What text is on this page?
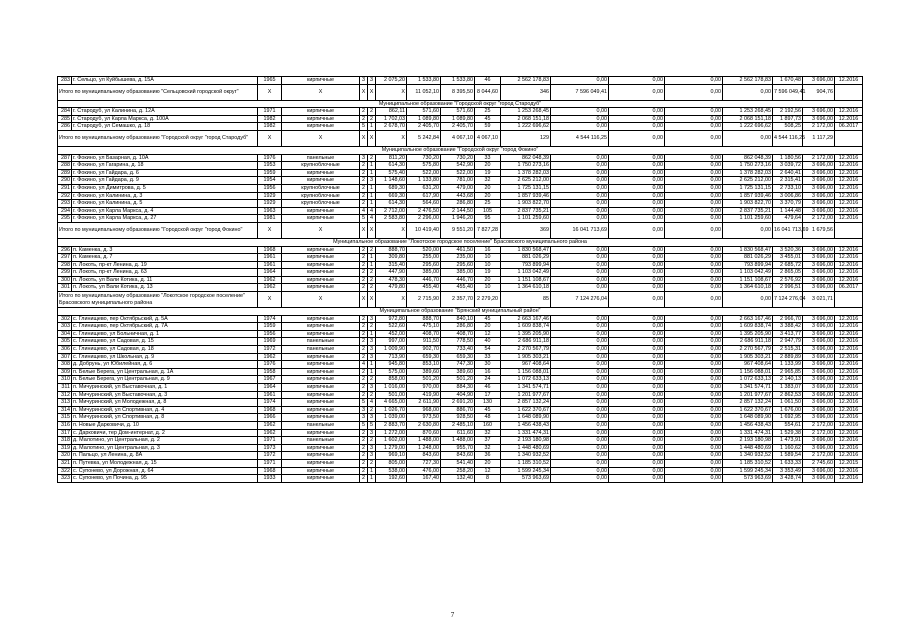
283	г. Сельцо, ул Куйбышева, д. 15А	1965	кирпичные	3	3	2 075,20	1 533,80	1 533,80	46	2 562 178,83	0,00	0,00	0,00	2 562 178,83	1 670,48	3 696,00	12.2016	
Итого по муниципальному образованию "Сельцовский городской округ"		X	X	X	X	X	11 052,10	8 395,50	8 044,60	346	7 596 049,41	0,00	0,00	0,00	7 596 049,41	904,76		
Муниципальное образование "Городской округ "город Стародуб"																		
284	г. Стародуб, ул Калинина, д. 12А	1971	кирпичные	2	2	862,11	571,60	571,60	25	1 253 268,45	0,00	0,00	0,00	1 253 268,45	2 192,56	3 696,00	12.2016	
285	г. Стародуб, ул Карла Маркса, д. 100А	1982	кирпичные	2	2	1 702,03	1 089,80	1 089,80	45	2 068 151,18	0,00	0,00	0,00	2 068 151,18	1 897,73	3 696,00	12.2016	
286	г. Стародуб, ул Семашко, д. 18	1982	кирпичные	5	1	2 678,70	2 405,70	2 405,70	59	1 222 696,62	0,00	0,00	0,00	1 222 696,62	508,25	2 172,00	06.2017	
Итого по муниципальному образованию "Городской округ "город Стародуб"		X	X	X	X	X	5 242,84	4 067,10	4 067,10	129	4 544 116,25	0,00	0,00	0,00	4 544 116,25	1 117,29		
Муниципальное образование "Городской округ "город Фокино"																		
287	г. Фокино, ул Базарная, д. 10А	1976	панельные	3	2	811,20	730,20	730,20	33	862 048,39	0,00	0,00	0,00	862 048,39	1 180,56	2 172,00	12.2016	
288	г. Фокино, ул Гагарина, д. 18	1953	крупноблочные	2	1	614,30	575,80	542,90	20	1 750 273,16	0,00	0,00	0,00	1 750 273,16	3 039,72	3 696,00	12.2016	
289	г. Фокино, ул Гайдара, д. 6	1959	кирпичные	2	1	575,40	522,00	522,00	19	1 378 282,03	0,00	0,00	0,00	1 378 282,03	2 640,41	3 696,00	12.2016	
290	г. Фокино, ул Гайдара, д. 9	1954	кирпичные	2	3	1 148,60	1 133,80	781,00	32	2 625 212,00	0,00	0,00	0,00	2 625 212,00	2 315,41	3 696,00	12.2016	
291	г. Фокино, ул Димитрова, д. 5	1956	крупноблочные	2	1	689,30	631,20	479,00	20	1 725 131,15	0,00	0,00	0,00	1 725 131,15	2 733,10	3 696,00	12.2016	
292	г. Фокино, ул Калинина, д. 3	1929	крупноблочные	2	1	669,30	617,90	443,68	20	1 857 939,46	0,00	0,00	0,00	1 857 939,46	3 006,86	3 696,00	12.2016	
293	г. Фокино, ул Калинина, д. 5	1929	крупноблочные	2	1	614,30	564,60	286,80	25	1 903 822,70	0,00	0,00	0,00	1 903 822,70	3 370,79	3 696,00	12.2016	
294	г. Фокино, ул Карла Маркса, д. 4	1963	кирпичные	4	4	2 712,00	2 476,50	2 144,50	105	2 837 735,21	0,00	0,00	0,00	2 837 735,21	1 144,48	3 696,00	12.2016	
295	г. Фокино, ул Карла Маркса, д. 27	1981	кирпичные	5	4	2 583,80	2 296,00	1 946,20	95	1 101 259,60	0,00	0,00	0,00	1 101 259,60	479,64	2 172,00	12.2016	
Итого по муниципальному образованию "Городской округ "город Фокино"		X	X	X	X	X	10 419,40	9 551,20	7 827,28	369	16 041 713,69	0,00	0,00	0,00	16 041 713,69	1 679,56		
Муниципальное образование "Локотское городское поселение" Брасовского муниципального района																		
296	п. Каменка, д. 3	1968	кирпичные	2	2	888,70	520,00	461,50	16	1 830 568,47	0,00	0,00	0,00	1 830 568,47	3 520,36	3 696,00	12.2016	
297	п. Каменка, д. 7	1961	кирпичные	2	1	309,80	255,00	235,00	10	881 026,29	0,00	0,00	0,00	881 026,29	3 455,01	3 696,00	12.2016	
298	п. Локоть, пр-кт Ленина, д. 19	1961	кирпичные	2	1	315,40	295,60	295,60	10	793 899,94	0,00	0,00	0,00	793 899,94	2 685,72	3 696,00	12.2016	
299	п. Локоть, пр-кт Ленина, д. 63	1964	кирпичные	2	2	447,90	385,00	385,00	19	1 103 042,49	0,00	0,00	0,00	1 103 042,49	2 865,05	3 696,00	12.2016	
300	п. Локоть, ул Вали Котика, д. 11	1962	кирпичные	2	2	478,30	446,70	446,70	20	1 151 108,67	0,00	0,00	0,00	1 151 108,67	2 576,92	3 696,00	12.2016	
301	п. Локоть, ул Вали Котика, д. 13	1962	кирпичные	2	2	479,80	455,40	455,40	10	1 364 610,18	0,00	0,00	0,00	1 364 610,18	2 996,51	3 696,00	06.2017	
Итого по муниципальному образованию "Локотское городское поселение" Брасовского муниципального района		X	X	X	X	X	2 715,90	2 357,70	2 279,20	85	7 124 276,04	0,00	0,00	0,00	7 124 276,04	3 021,71		
Муниципальное образование "Брянский муниципальный район"																		
302	с. Глинищево, пер Октябрьский, д. 5А	1974	кирпичные	2	3	972,80	888,70	840,10	45	2 663 167,46	0,00	0,00	0,00	2 663 167,46	2 966,70	3 696,00	12.2016	
303	с. Глинищево, пер Октябрьский, д. 7А	1959	кирпичные	2	2	522,60	475,10	286,80	20	1 609 838,74	0,00	0,00	0,00	1 609 838,74	3 388,42	3 696,00	12.2016	
304	с. Глинищево, ул Больничная, д. 1	1956	кирпичные	2	1	452,00	408,70	408,70	12	1 395 205,90	0,00	0,00	0,00	1 395 205,90	3 413,77	3 696,00	12.2016	
305	с. Глинищево, ул Садовая, д. 15	1969	панельные	2	3	997,00	911,50	778,50	40	2 686 911,18	0,00	0,00	0,00	2 686 911,18	2 947,79	3 696,00	12.2016	
306	с. Глинищево, ул Садовая, д. 18	1972	панельные	2	3	1 009,90	902,70	733,40	54	2 270 567,79	0,00	0,00	0,00	2 270 567,79	2 515,31	3 696,00	12.2016	
307	с. Глинищево, ул Школьная, д. 9	1962	кирпичные	2	3	713,90	659,30	659,30	33	1 905 303,21	0,00	0,00	0,00	1 905 303,21	2 889,89	3 696,00	12.2016	
308	д. Добрунь, ул Юбилейная, д. 6	1976	кирпичные	4	1	945,80	853,10	747,30	30	967 408,64	0,00	0,00	0,00	967 408,64	1 133,99	3 696,00	12.2016	
309	п. Белые Берега, ул Центральная, д. 1А	1958	кирпичные	2	1	575,00	389,60	389,60	16	1 156 088,01	0,00	0,00	0,00	1 156 088,01	2 965,85	3 696,00	12.2016	
310	п. Белые Берега, ул Центральная, д. 9	1967	кирпичные	2	2	858,00	501,20	501,20	24	1 072 633,13	0,00	0,00	0,00	1 072 633,13	2 140,13	3 696,00	12.2016	
311	п. Мичуринский, ул Выставочная, д. 1	1964	кирпичные	2	3	1 016,00	970,00	884,30	46	1 341 574,71	0,00	0,00	0,00	1 341 574,71	1 383,07	3 696,00	12.2016	
312	п. Мичуринский, ул Выставочная, д. 3	1961	кирпичные	2	2	501,00	419,90	404,90	17	1 201 977,67	0,00	0,00	0,00	1 201 977,67	2 862,53	3 696,00	12.2016	
313	п. Мичуринский, ул Молодежная, д. 8	1974	кирпичные	5	4	4 665,00	2 611,90	2 691,20	130	2 857 132,24	0,00	0,00	0,00	2 857 132,24	1 061,50	3 696,00	12.2016	
314	п. Мичуринский, ул Спортивная, д. 4	1968	кирпичные	3	2	1 026,70	968,00	886,70	45	1 622 370,67	0,00	0,00	0,00	1 622 370,67	1 676,00	3 696,00	12.2016	
315	п. Мичуринский, ул Спортивная, д. 8	1966	кирпичные	3	3	1 039,00	973,50	928,50	48	1 648 089,90	0,00	0,00	0,00	1 648 089,90	1 692,95	3 696,00	12.2016	
316	п. Новые Дарковичи, д. 10	1962	панельные	5	5	2 883,70	2 630,80	2 485,10	160	1 456 438,43	0,00	0,00	0,00	1 456 438,43	554,61	2 172,00	12.2016	
317	с. Дарковичи, тер Дом-интернат, д. 2	1962	кирпичные	2	3	1 272,00	870,60	611,60	32	1 331 474,31	0,00	0,00	0,00	1 331 474,31	1 529,38	2 172,00	12.2016	
318	д. Малотино, ул Центральная, д. 2	1971	панельные	2	2	1 602,00	1 488,00	1 488,00	37	2 193 180,98	0,00	0,00	0,00	2 193 180,98	1 473,91	3 696,00	12.2016	
319	д. Малотино, ул Центральная, д. 3	1973	кирпичные	2	3	1 279,00	1 248,00	955,70	32	1 448 480,69	0,00	0,00	0,00	1 448 480,69	1 160,62	3 696,00	12.2016	
320	п. Пальцо, ул Ленина, д. 8А	1972	кирпичные	2	3	969,10	843,60	843,60	36	1 340 932,52	0,00	0,00	0,00	1 340 932,52	1 589,54	2 172,00	12.2016	
321	п. Путевка, ул Молодежная, д. 15	1971	кирпичные	2	2	805,00	727,30	541,40	20	1 185 310,52	0,00	0,00	0,00	1 185 310,52	1 633,33	2 745,60	12.2015	
322	с. Супонево, ул Дорожная, д. 64	1968	кирпичные	2	1	538,00	476,00	258,20	12	1 599 245,34	0,00	0,00	0,00	1 599 245,34	3 353,49	3 696,00	12.2016	
323	с. Супонево, ул Почина, д. 95	1933	кирпичные	2	1	192,60	167,40	132,40	8	573 963,69	0,00	0,00	0,00	573 963,69	3 428,74	3 696,00	12.2016	
7
